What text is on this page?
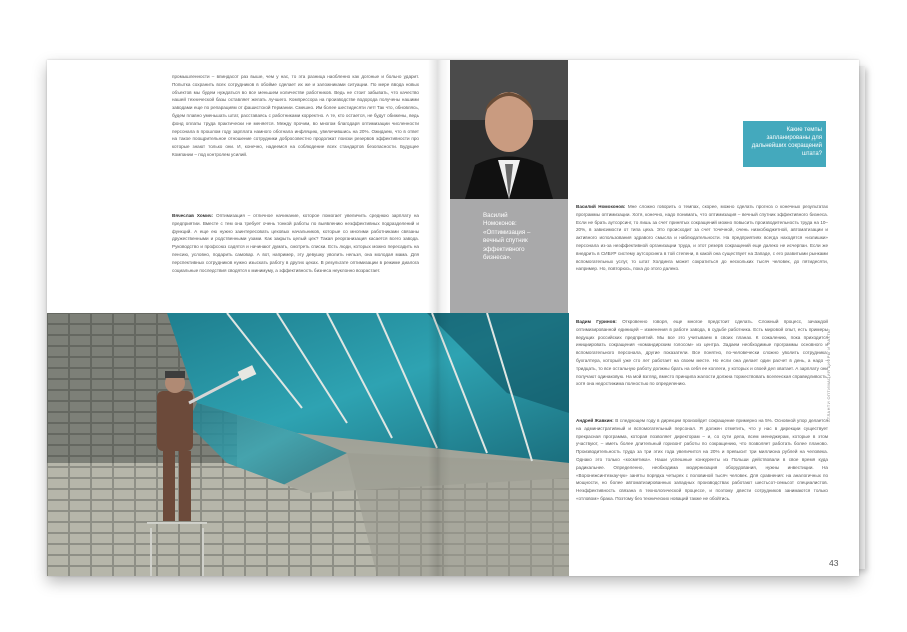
промышленности – впиндасот раз выше, чем у нас, то эта разница наобленно как догоные и больно ударит. Попытка сохранить всех сотрудников в обойме сделает их же и заложниками ситуации. По мере ввода новых объектов мы будем нуждаться во все меньшем количестве работников. Ведь не стоит забывать, что качество нашей технической базы оставляет желать лучшего. Компрессора на производстве водорода получены нашими заводами еще по репарациям от фашистской Германии. Смешно. Им более шестидесяти лет! Так что, обновлясь, будем плавно уменьшать штат, расставаясь с работниками корректно. А те, кто остается, не будут обижены, ведь фонд оплаты труда практически не меняется. Между прочим, во многом благодаря оптимизации численности персонала в прошлом году зарплата намного обогнала инфляцию, увеличившись на 20%. Ожидаем, что в ответ на такое поощрительное отношение сотрудники добросовестно продолжат поиски резервов эффективности про которые знают только они. И, конечно, надеемся на соблюдение всех стандартов безопасности. Будущее Компании – под контролем усилий.

Вячеслав Хомич: Оптимизация – отличное начинание, которое помогает увеличить среднюю зарплату на предприятии. Вместе с тем она требует очень тонкой работы по выявлению неэффективных подразделений и функций. А еще ею нужно заинтересовать цеховых начальников, которые со многими работниками связаны дружественными и родственными узами. Как закрыть целый цех? Такая реорганизация касается всего завода. Руководство и профсоюз садятся и начинают думать, смотреть списки. Есть люди, которых можно пересадить на пенсию, условно, подарить самовар. А вот, например, эту девушку уволить нельзя, она молодая мама. Для перспективных сотрудников нужно изыскать работу в других цехах. В результате оптимизации в режиме диалога социальные последствия сводятся к минимуму, а эффективность бизнеса неуклонно возрастает.

Василий
Номоконов:
«Оптимизация –
вечный спутник
эффективного
бизнеса».

Какие темпы запланированы для дальнейших сокращений штата?

Василий Номоконов: Мне сложно говорить о темпах, скорее, можно сделать прогноз о конечных результатах программы оптимизации. Хотя, конечно, надо понимать, что оптимизация – вечный спутник эффективного бизнеса. Если не брать аутсорсинг, то лишь за счет принятых сокращений можно повысить производительность труда на 10–20%, в зависимости от типа цеха. Это происходит за счет точечной, очень низкобюджетной, автоматизации и активного использования здравого смысла и наблюдательности. На предприятиях всегда находятся «излишки» персонала из-за неэффективной организации труда, и этот резерв сокращений еще далеко не исчерпан. Если же внедрить в СИБУР систему аутсорсинга в той степени, в какой она существует на Западе, с его развитыми рынками вспомогательных услуг, то штат Холдинга может сократиться до нескольких тысяч человек, до пятидесяти, например. Но, повторюсь, пока до этого далеко.

Вадим Гуринов: Откровенно говоря, еще многое предстоит сделать. Сложный процесс, зачаждой оптимизированной единицей – изменения в работе завода, в судьбе работника. Есть мировой опыт, есть примеры ведущих российских предприятий. Мы все это учитываем в своих планах. К сожалению, пока приходится инициировать сокращения «командирским голосом» из центра. Задаем необходимые программы основного и вспомогательного персонала, другие показатели. Все понятно, по-человечески сложно уволить сотрудника: бухгалтера, который уже сто лет работает на своем месте. Но если она делает один расчет в день, а надо – тридцать, то все остальную работу должны брать на себя ее коллеги, у которых и своей дел хватает. А зарплату они получают одинаковую. На мой взгляд, вместо принципа жалости должна торжествовать вселенская справедливость, хотя она недостижима полностью по определению.

Андрей Жавкин: В следующем году в дирекции произойдет сокращение примерно на 5%. Основной упор делается на административный и вспомогательный персонал. Я должен отметить, что у нас в дирекции существует прекрасная программа, которая позволяет директорам – и, со сути дела, всем менеджерам, которые в этом участвуют, – иметь более длительный горизонт работы по сокращению, что позволяет работать более планово. Производительность труда за три этих года увеличится на 20% и превысит три миллиона рублей на человека. Однако это только «косметика». Наши успешные конкуренты из Польши действовали в свое время куда радикальнее. Определенно, необходима модернизация оборудования, нужны инвестиции. На «Воронежсинтезкаучук» заняты порядка четырех с половиной тысяч человек. Для сравнения: на аналогичных по мощности, но более автоматизированных западных производствах работают шестьсот-семьсот специалистов. Неэффективность связана в технологической процессе, и поэтому двести сотрудников занимаются только «отловом» брака. Поэтому без технических новаций также не обойтись.

АТЛАНТИ ОПТИМАЦИЯ ЦИФРЫ И ФАКТЫ
43
